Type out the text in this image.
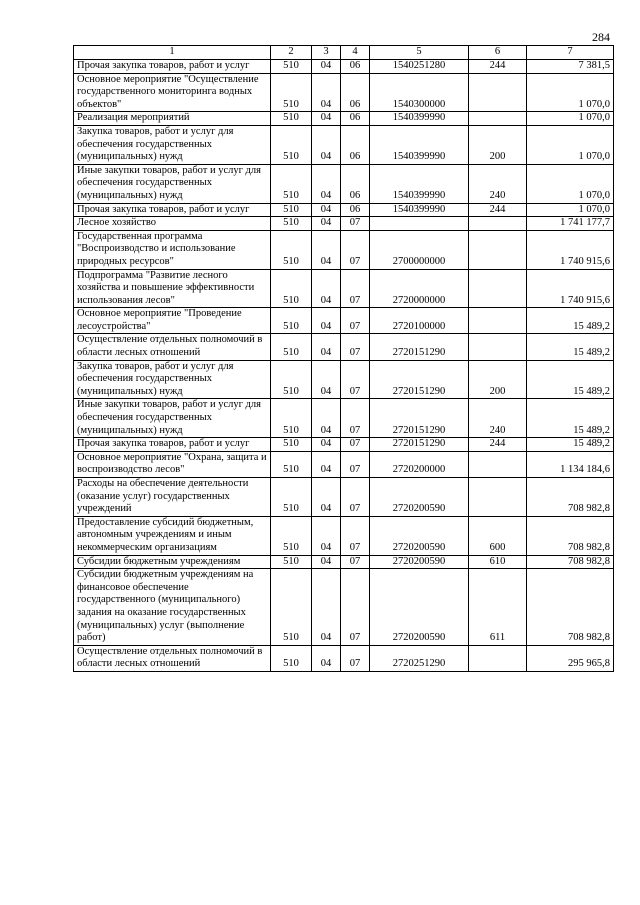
284
1	2	3	4	5	6	7
Прочая закупка товаров, работ и услуг	510	04	06	1540251280	244	7 381,5
Основное мероприятие "Осуществление государственного мониторинга водных объектов"	510	04	06	1540300000		1 070,0
Реализация мероприятий	510	04	06	1540399990		1 070,0
Закупка товаров, работ и услуг для обеспечения государственных (муниципальных) нужд	510	04	06	1540399990	200	1 070,0
Иные закупки товаров, работ и услуг для обеспечения государственных (муниципальных) нужд	510	04	06	1540399990	240	1 070,0
Прочая закупка товаров, работ и услуг	510	04	06	1540399990	244	1 070,0
Лесное хозяйство	510	04	07			1 741 177,7
Государственная программа "Воспроизводство и использование природных ресурсов"	510	04	07	2700000000		1 740 915,6
Подпрограмма "Развитие лесного хозяйства и повышение эффективности использования лесов"	510	04	07	2720000000		1 740 915,6
Основное мероприятие "Проведение лесоустройства"	510	04	07	2720100000		15 489,2
Осуществление отдельных полномочий в области лесных отношений	510	04	07	2720151290		15 489,2
Закупка товаров, работ и услуг для обеспечения государственных (муниципальных) нужд	510	04	07	2720151290	200	15 489,2
Иные закупки товаров, работ и услуг для обеспечения государственных (муниципальных) нужд	510	04	07	2720151290	240	15 489,2
Прочая закупка товаров, работ и услуг	510	04	07	2720151290	244	15 489,2
Основное мероприятие "Охрана, защита и воспроизводство лесов"	510	04	07	2720200000		1 134 184,6
Расходы на обеспечение деятельности (оказание услуг) государственных учреждений	510	04	07	2720200590		708 982,8
Предоставление субсидий бюджетным, автономным учреждениям и иным некоммерческим организациям	510	04	07	2720200590	600	708 982,8
Субсидии бюджетным учреждениям	510	04	07	2720200590	610	708 982,8
Субсидии бюджетным учреждениям на финансовое обеспечение государственного (муниципального) задания на оказание государственных (муниципальных) услуг (выполнение работ)	510	04	07	2720200590	611	708 982,8
Осуществление отдельных полномочий в области лесных отношений	510	04	07	2720251290		295 965,8
